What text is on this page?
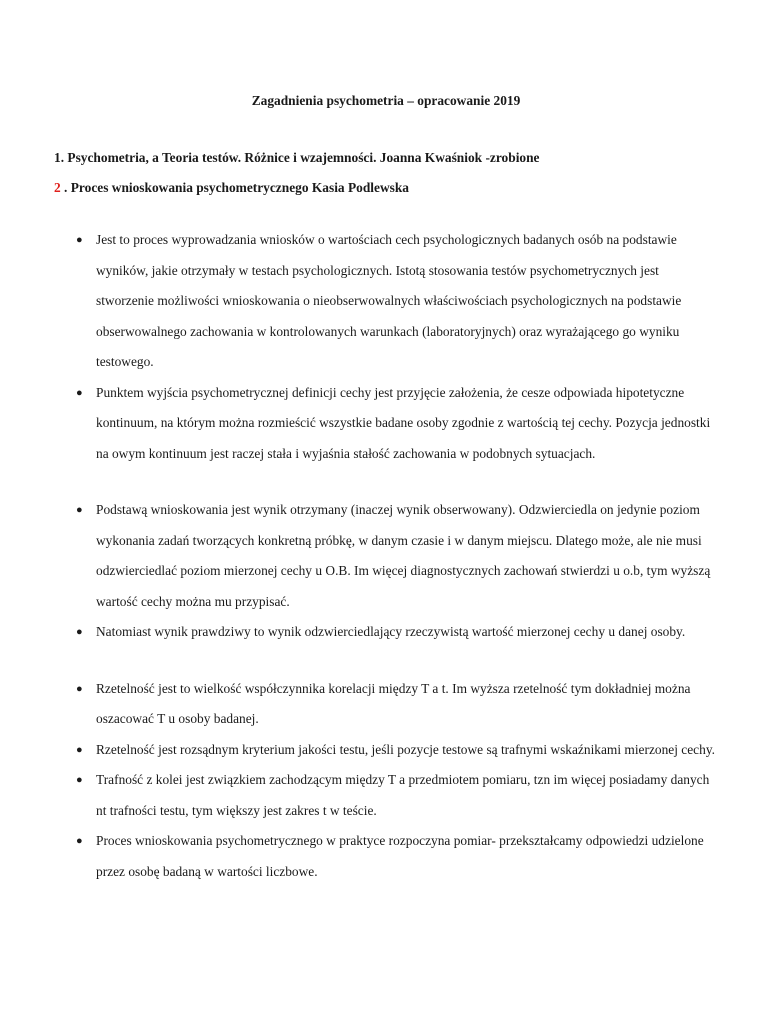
Zagadnienia psychometria – opracowanie 2019
1. Psychometria, a Teoria testów. Różnice i wzajemności. Joanna Kwaśniok -zrobione
2 . Proces wnioskowania psychometrycznego Kasia Podlewska
● Jest to proces wyprowadzania wniosków o wartościach cech psychologicznych badanych osób na podstawie wyników, jakie otrzymały w testach psychologicznych. Istotą stosowania testów psychometrycznych jest stworzenie możliwości wnioskowania o nieobserwowalnych właściwościach psychologicznych na podstawie obserwowalnego zachowania w kontrolowanych warunkach (laboratoryjnych) oraz wyrażającego go wyniku testowego.
● Punktem wyjścia psychometrycznej definicji cechy jest przyjęcie założenia, że cesze odpowiada hipotetyczne kontinuum, na którym można rozmieścić wszystkie badane osoby zgodnie z wartością tej cechy. Pozycja jednostki na owym kontinuum jest raczej stała i wyjaśnia stałość zachowania w podobnych sytuacjach.
● Podstawą wnioskowania jest wynik otrzymany (inaczej wynik obserwowany). Odzwierciedla on jedynie poziom wykonania zadań tworzących konkretną próbkę, w danym czasie i w danym miejscu. Dlatego może, ale nie musi odzwierciedlać poziom mierzonej cechy u O.B. Im więcej diagnostycznych zachowań stwierdzi u o.b, tym wyższą wartość cechy można mu przypisać.
● Natomiast wynik prawdziwy to wynik odzwierciedlający rzeczywistą wartość mierzonej cechy u danej osoby.
● Rzetelność jest to wielkość współczynnika korelacji między T a t. Im wyższa rzetelność tym dokładniej można oszacować T u osoby badanej.
● Rzetelność jest rozsądnym kryterium jakości testu, jeśli pozycje testowe są trafnymi wskaźnikami mierzonej cechy.
● Trafność z kolei jest związkiem zachodzącym między T a przedmiotem pomiaru, tzn im więcej posiadamy danych nt trafności testu, tym większy jest zakres t w teście.
● Proces wnioskowania psychometrycznego w praktyce rozpoczyna pomiar- przekształcamy odpowiedzi udzielone przez osobę badaną w wartości liczbowe.
